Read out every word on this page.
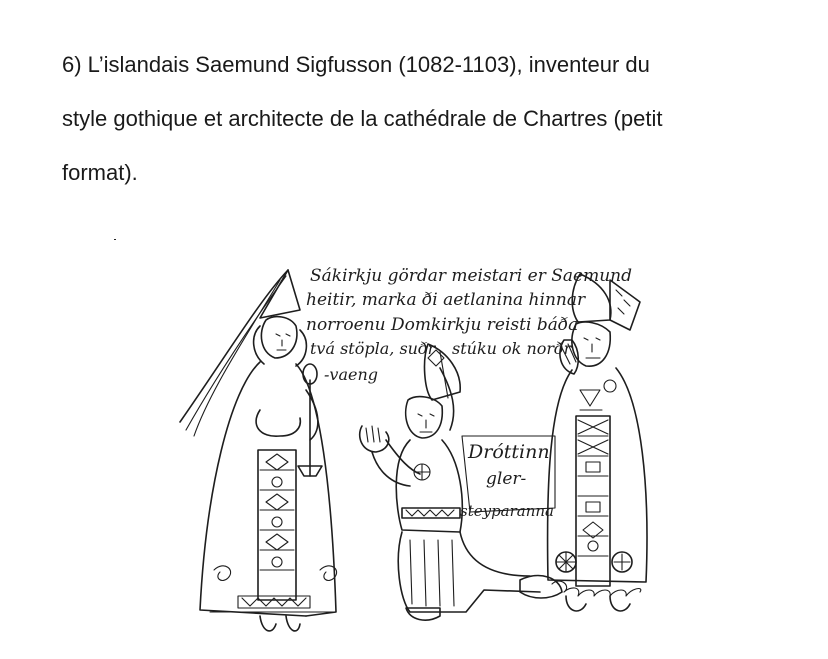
6) L’islandais Saemund Sigfusson (1082-1103), inventeur du
style gothique et architecte de la cathédrale de Chartres (petit
format).

Sákirkju gördar meistari er Saemund
heitir, marka ði aetlanina hinnar
norroenu Domkirkju reisti báða
tvá stöpla, suðr stúku ok norðr
-vaeng
Dróttinn
gler-
steyparanna
